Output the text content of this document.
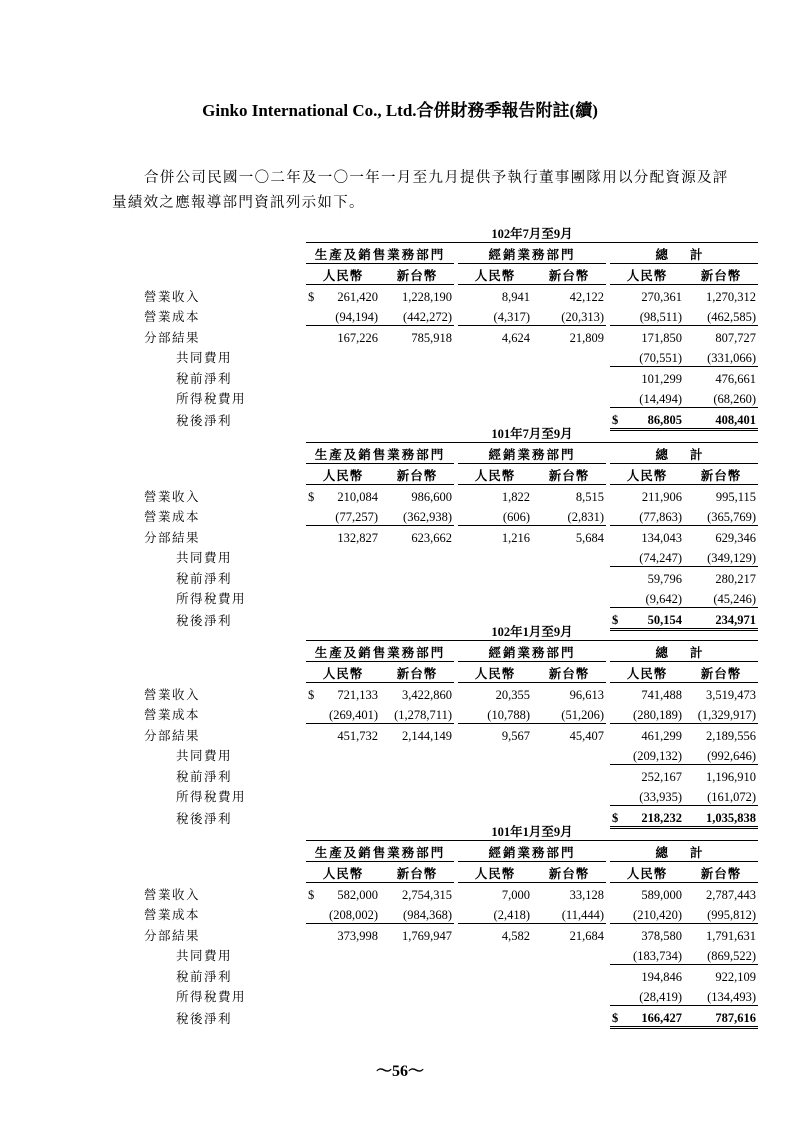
Ginko International Co., Ltd.合併財務季報告附註(續)
合併公司民國一〇二年及一〇一年一月至九月提供予執行董事團隊用以分配資源及評
量績效之應報導部門資訊列示如下。
	102年7月至9月							
	生產及銷售業務部門			經銷業務部門			總	計
	人民幣	新台幣		人民幣	新台幣		人民幣	新台幣
營業收入	$ 261,420	1,228,190		8,941	42,122		270,361	1,270,312
營業成本	(94,194)	(442,272)		(4,317)	(20,313)		(98,511)	(462,585)
分部結果	167,226	785,918		4,624	21,809		171,850	807,727
共同費用							(70,551)	(331,066)
稅前淨利							101,299	476,661
所得稅費用							(14,494)	(68,260)
稅後淨利							$ 86,805	408,401
	101年7月至9月							
	生產及銷售業務部門			經銷業務部門			總	計
	人民幣	新台幣		人民幣	新台幣		人民幣	新台幣
營業收入	$ 210,084	986,600		1,822	8,515		211,906	995,115
營業成本	(77,257)	(362,938)		(606)	(2,831)		(77,863)	(365,769)
分部結果	132,827	623,662		1,216	5,684		134,043	629,346
共同費用							(74,247)	(349,129)
稅前淨利							59,796	280,217
所得稅費用							(9,642)	(45,246)
稅後淨利							$ 50,154	234,971
	102年1月至9月							
	生產及銷售業務部門			經銷業務部門			總	計
	人民幣	新台幣		人民幣	新台幣		人民幣	新台幣
營業收入	$ 721,133	3,422,860		20,355	96,613		741,488	3,519,473
營業成本	(269,401)	(1,278,711)		(10,788)	(51,206)		(280,189)	(1,329,917)
分部結果	451,732	2,144,149		9,567	45,407		461,299	2,189,556
共同費用							(209,132)	(992,646)
稅前淨利							252,167	1,196,910
所得稅費用							(33,935)	(161,072)
稅後淨利							$ 218,232	1,035,838
	101年1月至9月							
	生產及銷售業務部門			經銷業務部門			總	計
	人民幣	新台幣		人民幣	新台幣		人民幣	新台幣
營業收入	$ 582,000	2,754,315		7,000	33,128		589,000	2,787,443
營業成本	(208,002)	(984,368)		(2,418)	(11,444)		(210,420)	(995,812)
分部結果	373,998	1,769,947		4,582	21,684		378,580	1,791,631
共同費用							(183,734)	(869,522)
稅前淨利							194,846	922,109
所得稅費用							(28,419)	(134,493)
稅後淨利							$ 166,427	787,616
～56～
